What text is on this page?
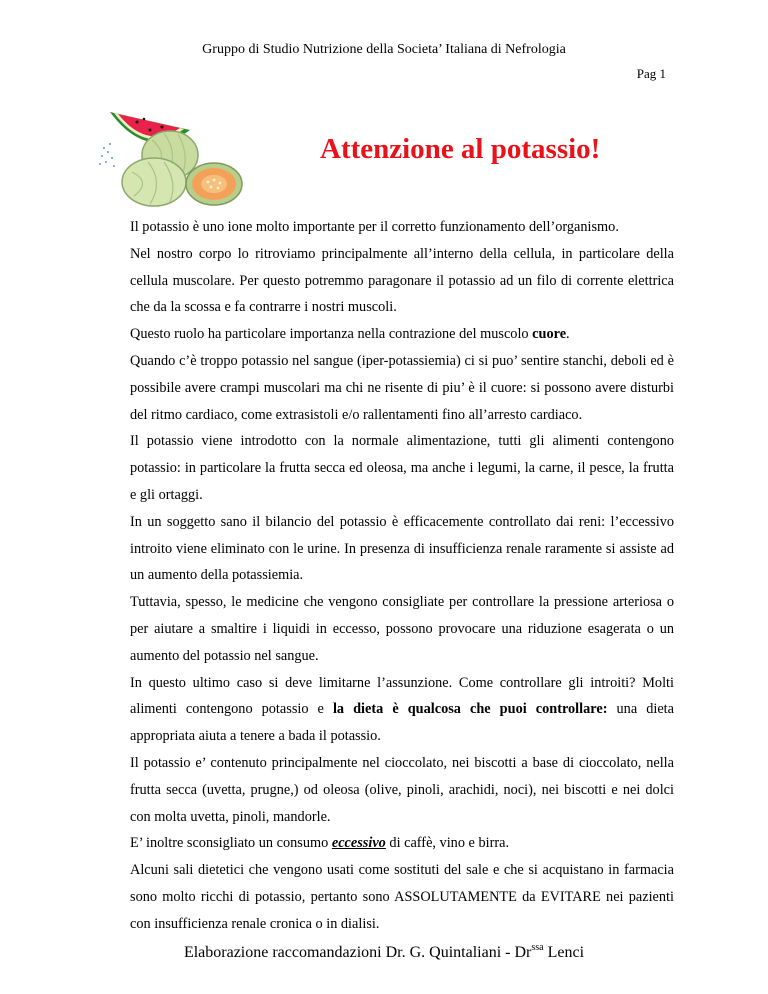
Gruppo di Studio Nutrizione della Societa’ Italiana di Nefrologia
Pag 1
Attenzione al potassio!

Il potassio è uno ione molto importante per il corretto funzionamento dell’organismo.

Nel nostro corpo lo ritroviamo principalmente all’interno della cellula, in particolare della cellula muscolare. Per questo potremmo paragonare il potassio ad un filo di corrente elettrica che da la scossa e fa contrarre i nostri muscoli.

Questo ruolo ha particolare importanza nella contrazione del muscolo cuore.

Quando c’è troppo potassio nel sangue (iper-potassiemia) ci si puo’ sentire stanchi, deboli ed è possibile avere crampi muscolari ma chi ne risente di piu’ è il cuore: si possono avere disturbi del ritmo cardiaco, come extrasistoli e/o rallentamenti fino all’arresto cardiaco.

Il potassio viene introdotto con la normale alimentazione, tutti gli alimenti contengono potassio: in particolare la frutta secca ed oleosa, ma anche i legumi, la carne, il pesce, la frutta e gli ortaggi.

In un soggetto sano il bilancio del potassio è efficacemente controllato dai reni: l’eccessivo introito viene eliminato con le urine. In presenza di insufficienza renale raramente si assiste ad un aumento della potassiemia.

Tuttavia, spesso, le medicine che vengono consigliate per controllare la pressione arteriosa o per aiutare a smaltire i liquidi in eccesso, possono provocare una riduzione esagerata o un aumento del potassio nel sangue.

In questo ultimo caso si deve limitarne l’assunzione. Come controllare gli introiti? Molti alimenti contengono potassio e la dieta è qualcosa che puoi controllare: una dieta appropriata aiuta a tenere a bada il potassio.

Il potassio e’ contenuto principalmente nel cioccolato, nei biscotti a base di cioccolato, nella frutta secca (uvetta, prugne,) od oleosa (olive, pinoli, arachidi, noci), nei biscotti e nei dolci con molta uvetta, pinoli, mandorle.

E’ inoltre sconsigliato un consumo eccessivo di caffè, vino e birra.

Alcuni sali dietetici che vengono usati come sostituti del sale e che si acquistano in farmacia sono molto ricchi di potassio, pertanto sono ASSOLUTAMENTE da EVITARE nei pazienti con insufficienza renale cronica o in dialisi.

Elaborazione raccomandazioni Dr. G. Quintaliani - $Dr^{ssa}$ Lenci
